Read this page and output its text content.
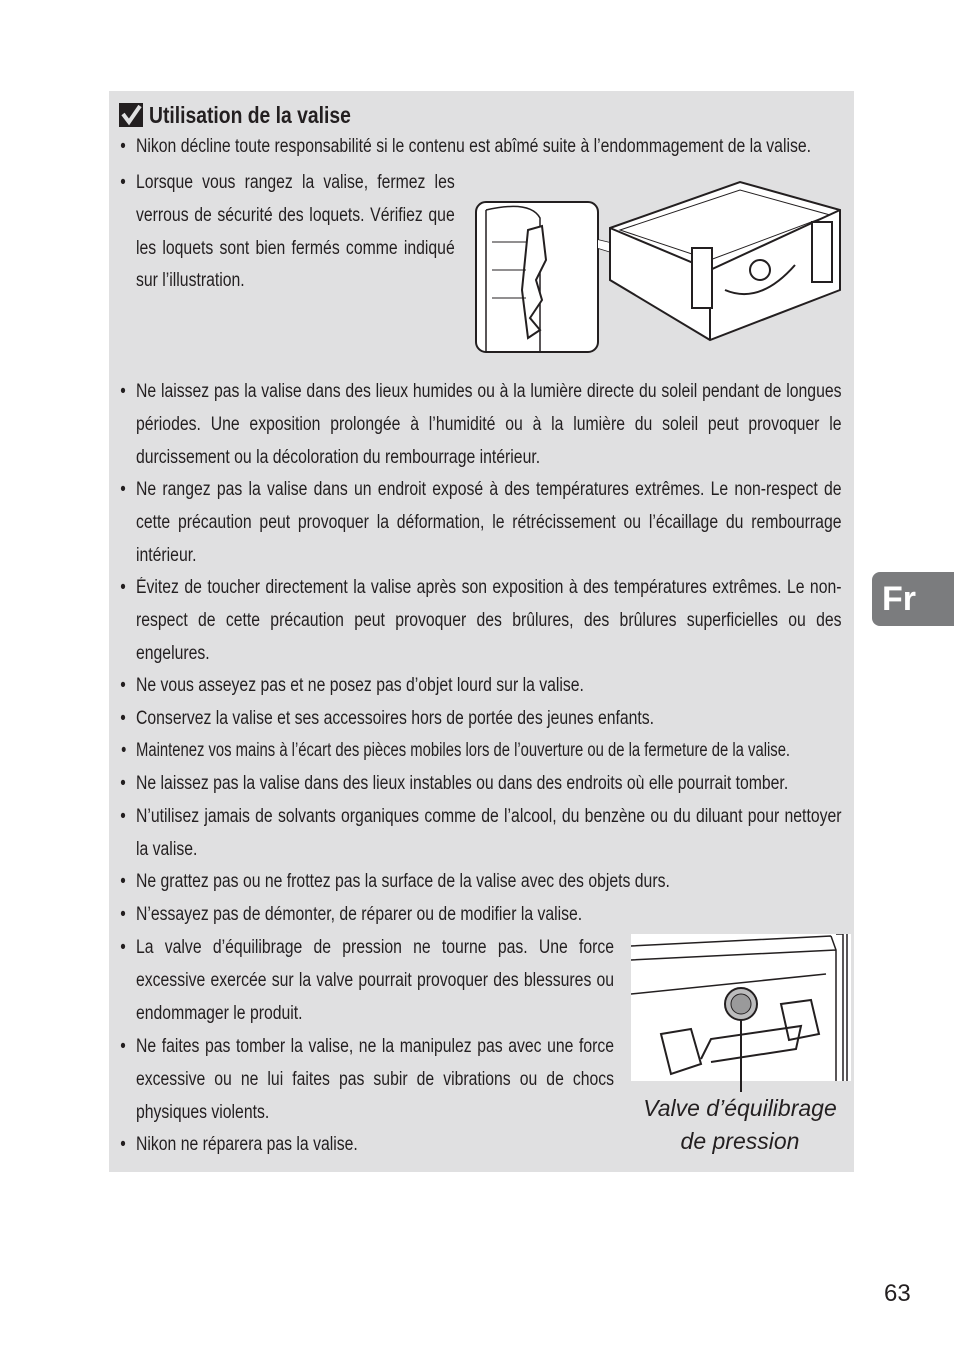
Utilisation de la valise
• Nikon décline toute responsabilité si le contenu est abîmé suite à l’endommagement de la valise.
• Lorsque vous rangez la valise, fermez les verrous de sécurité des loquets. Vérifiez que les loquets sont bien fermés comme indiqué sur l’illustration.
• Ne laissez pas la valise dans des lieux humides ou à la lumière directe du soleil pendant de longues périodes. Une exposition prolongée à l’humidité ou à la lumière du soleil peut provoquer le durcissement ou la décoloration du rembourrage intérieur.
• Ne rangez pas la valise dans un endroit exposé à des températures extrêmes. Le non-respect de cette précaution peut provoquer la déformation, le rétrécissement ou l’écaillage du rembourrage intérieur.
• Évitez de toucher directement la valise après son exposition à des températures extrêmes. Le non-respect de cette précaution peut provoquer des brûlures, des brûlures superficielles ou des engelures.
• Ne vous asseyez pas et ne posez pas d’objet lourd sur la valise.
• Conservez la valise et ses accessoires hors de portée des jeunes enfants.
• Maintenez vos mains à l’écart des pièces mobiles lors de l’ouverture ou de la fermeture de la valise.
• Ne laissez pas la valise dans des lieux instables ou dans des endroits où elle pourrait tomber.
• N’utilisez jamais de solvants organiques comme de l’alcool, du benzène ou du diluant pour nettoyer la valise.
• Ne grattez pas ou ne frottez pas la surface de la valise avec des objets durs.
• N’essayez pas de démonter, de réparer ou de modifier la valise.
• La valve d’équilibrage de pression ne tourne pas. Une force excessive exercée sur la valve pourrait provoquer des blessures ou endommager le produit.
• Ne faites pas tomber la valise, ne la manipulez pas avec une force excessive ou ne lui faites pas subir de vibrations ou de chocs physiques violents.
• Nikon ne réparera pas la valise.
Valve d’équilibrage
de pression
Fr
63
